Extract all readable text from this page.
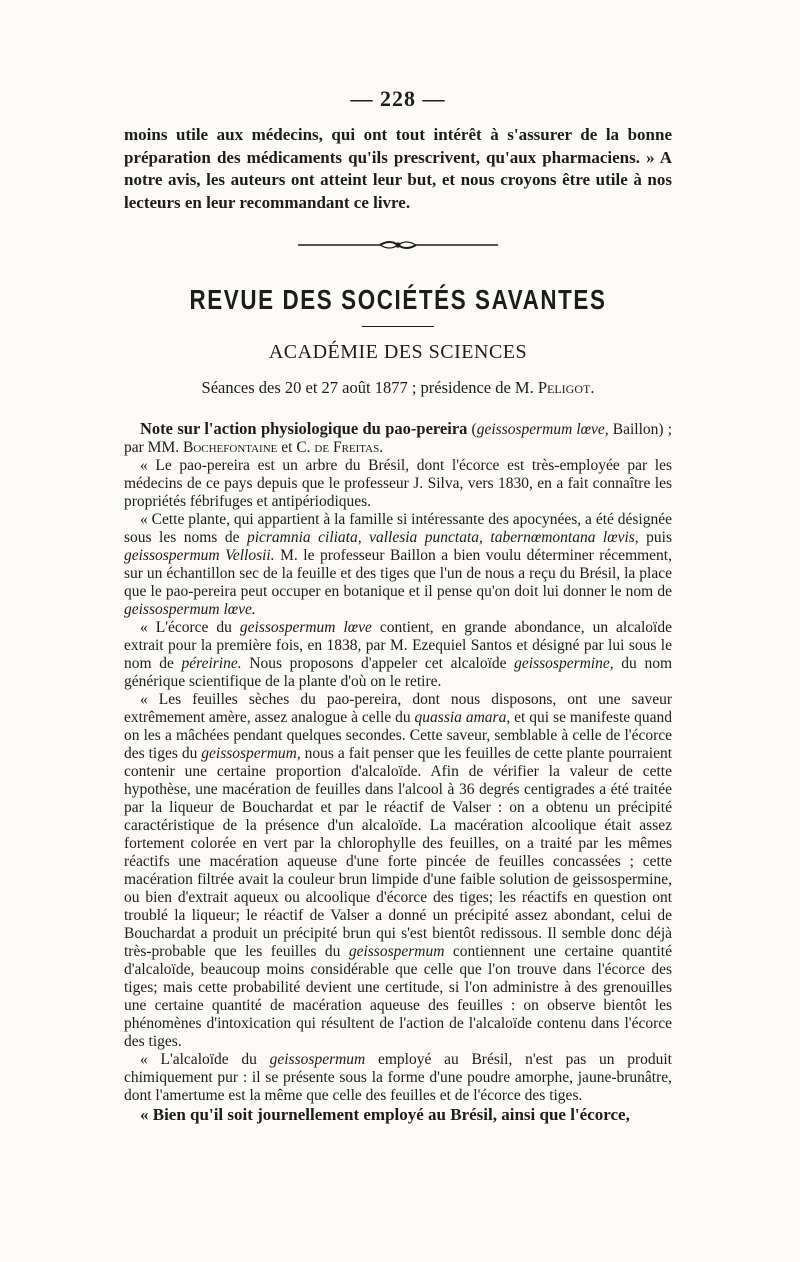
— 228 —

moins utile aux médecins, qui ont tout intérêt à s'assurer de la bonne préparation des médicaments qu'ils prescrivent, qu'aux pharmaciens. » A notre avis, les auteurs ont atteint leur but, et nous croyons être utile à nos lecteurs en leur recommandant ce livre.

REVUE DES SOCIÉTÉS SAVANTES
ACADÉMIE DES SCIENCES
Séances des 20 et 27 août 1877 ; présidence de M. Peligot.

Note sur l'action physiologique du pao-pereira (geissospermum lœve, Baillon) ; par MM. Bochefontaine et C. de Freitas.

« Le pao-pereira est un arbre du Brésil, dont l'écorce est très-employée par les médecins de ce pays depuis que le professeur J. Silva, vers 1830, en a fait connaître les propriétés fébrifuges et antipériodiques.

« Cette plante, qui appartient à la famille si intéressante des apocynées, a été désignée sous les noms de picramnia ciliata, vallesia punctata, tabernœmontana lœvis, puis geissospermum Vellosii. M. le professeur Baillon a bien voulu déterminer récemment, sur un échantillon sec de la feuille et des tiges que l'un de nous a reçu du Brésil, la place que le pao-pereira peut occuper en botanique et il pense qu'on doit lui donner le nom de geissospermum lœve.

« L'écorce du geissospermum lœve contient, en grande abondance, un alcaloïde extrait pour la première fois, en 1838, par M. Ezequiel Santos et désigné par lui sous le nom de péreirine. Nous proposons d'appeler cet alcaloïde geissospermine, du nom générique scientifique de la plante d'où on le retire.

« Les feuilles sèches du pao-pereira, dont nous disposons, ont une saveur extrêmement amère, assez analogue à celle du quassia amara, et qui se manifeste quand on les a mâchées pendant quelques secondes. Cette saveur, semblable à celle de l'écorce des tiges du geissospermum, nous a fait penser que les feuilles de cette plante pourraient contenir une certaine proportion d'alcaloïde. Afin de vérifier la valeur de cette hypothèse, une macération de feuilles dans l'alcool à 36 degrés centigrades a été traitée par la liqueur de Bouchardat et par le réactif de Valser : on a obtenu un précipité caractéristique de la présence d'un alcaloïde. La macération alcoolique était assez fortement colorée en vert par la chlorophylle des feuilles, on a traité par les mêmes réactifs une macération aqueuse d'une forte pincée de feuilles concassées ; cette macération filtrée avait la couleur brun limpide d'une faible solution de geissospermine, ou bien d'extrait aqueux ou alcoolique d'écorce des tiges; les réactifs en question ont troublé la liqueur; le réactif de Valser a donné un précipité assez abondant, celui de Bouchardat a produit un précipité brun qui s'est bientôt redissous. Il semble donc déjà très-probable que les feuilles du geissospermum contiennent une certaine quantité d'alcaloïde, beaucoup moins considérable que celle que l'on trouve dans l'écorce des tiges; mais cette probabilité devient une certitude, si l'on administre à des grenouilles une certaine quantité de macération aqueuse des feuilles : on observe bientôt les phénomènes d'intoxication qui résultent de l'action de l'alcaloïde contenu dans l'écorce des tiges.

« L'alcaloïde du geissospermum employé au Brésil, n'est pas un produit chimiquement pur : il se présente sous la forme d'une poudre amorphe, jaune-brunâtre, dont l'amertume est la même que celle des feuilles et de l'écorce des tiges.

« Bien qu'il soit journellement employé au Brésil, ainsi que l'écorce,
